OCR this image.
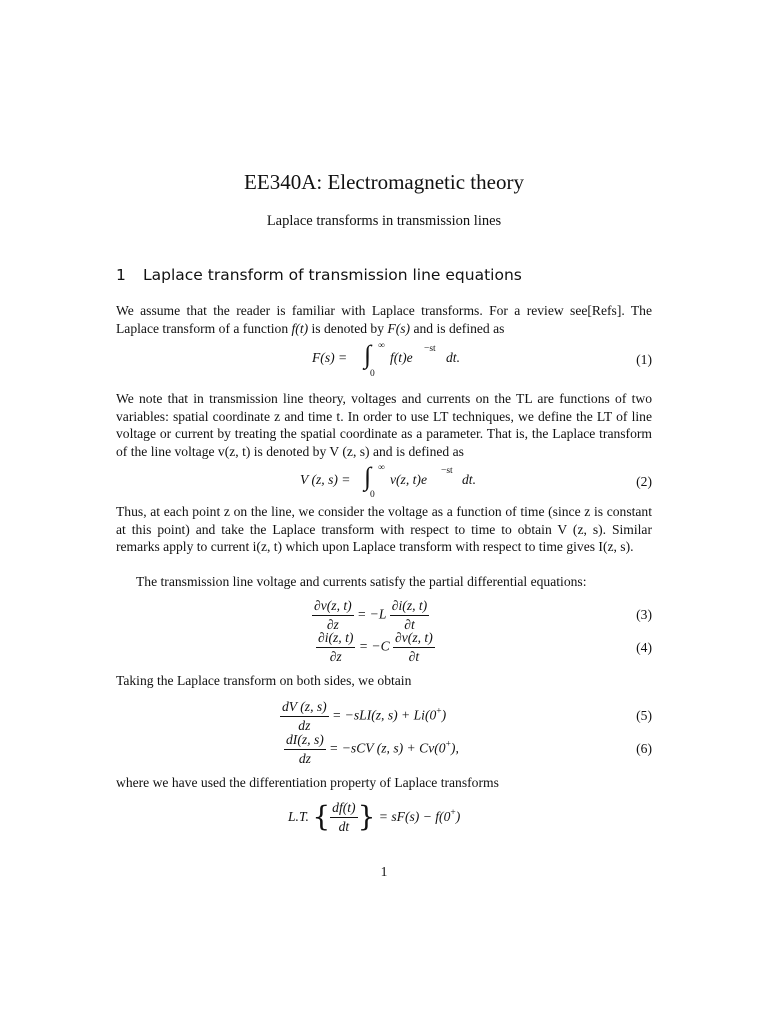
EE340A: Electromagnetic theory
Laplace transforms in transmission lines
1 Laplace transform of transmission line equations
We assume that the reader is familiar with Laplace transforms. For a review see[Refs]. The Laplace transform of a function f(t) is denoted by F(s) and is defined as
F(s) = ∫ ∞
0
f(t)e
−st
dt.	(1)
We note that in transmission line theory, voltages and currents on the TL are functions of two variables: spatial coordinate z and time t. In order to use LT techniques, we define the LT of line voltage or current by treating the spatial coordinate as a parameter. That is, the Laplace transform of the line voltage v(z, t) is denoted by V (z, s) and is defined as
V (z, s) = ∫ ∞
0
v(z, t)e
−st
dt.	(2)
Thus, at each point z on the line, we consider the voltage as a function of time (since z is constant at this point) and take the Laplace transform with respect to time to obtain V (z, s). Similar remarks apply to current i(z, t) which upon Laplace transform with respect to time gives I(z, s).
The transmission line voltage and currents satisfy the partial differential equations:
$\frac{\partial v(z, t)}{\partial z} = -L \frac{\partial i(z, t)}{\partial t}$	(3)
$\frac{\partial i(z, t)}{\partial z} = -C \frac{\partial v(z, t)}{\partial t}$	(4)
Taking the Laplace transform on both sides, we obtain
$\frac{dV (z, s)}{dz} = -sLI(z$, s) + Li(0+)	(5)
$\frac{dI(z, s)}{dz} = -sCV$ (z, s) + Cv(0+),	(6)
where we have used the differentiation property of Laplace transforms
L.T. { $\frac{df(t)}{dt}$ } = sF(s) − f(0+)
1
